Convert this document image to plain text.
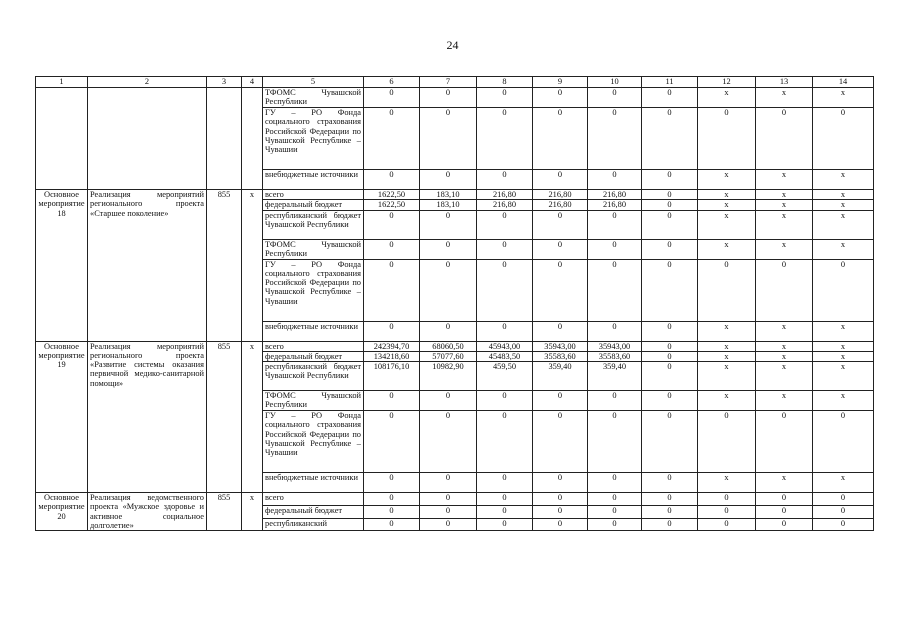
24
1	2	3	4	5	6	7	8	9	10	11	12	13	14
				ТФОМС Чувашской Республики	0	0	0	0	0	0	x	x	x
				ГУ – РО Фонда социального страхования Российской Федерации по Чувашской Республике – Чувашии	0	0	0	0	0	0	0	0	0
				внебюджетные источники	0	0	0	0	0	0	x	x	x
Основное мероприятие 18	Реализация мероприятий регионального проекта «Старшее поколение»	855	x	всего	1622,50	183,10	216,80	216,80	216,80	0	x	x	x
				федеральный бюджет	1622,50	183,10	216,80	216,80	216,80	0	x	x	x
				республиканский бюджет Чувашской Республики	0	0	0	0	0	0	x	x	x
				ТФОМС Чувашской Республики	0	0	0	0	0	0	x	x	x
				ГУ – РО Фонда социального страхования Российской Федерации по Чувашской Республике – Чувашии	0	0	0	0	0	0	0	0	0
				внебюджетные источники	0	0	0	0	0	0	x	x	x
Основное мероприятие 19	Реализация мероприятий регионального проекта «Развитие системы оказания первичной медико-санитарной помощи»	855	x	всего	242394,70	68060,50	45943,00	35943,00	35943,00	0	x	x	x
				федеральный бюджет	134218,60	57077,60	45483,50	35583,60	35583,60	0	x	x	x
				республиканский бюджет Чувашской Республики	108176,10	10982,90	459,50	359,40	359,40	0	x	x	x
				ТФОМС Чувашской Республики	0	0	0	0	0	0	x	x	x
				ГУ – РО Фонда социального страхования Российской Федерации по Чувашской Республике – Чувашии	0	0	0	0	0	0	0	0	0
				внебюджетные источники	0	0	0	0	0	0	x	x	x
Основное мероприятие 20	Реализация ведомственного проекта «Мужское здоровье и активное социальное долголетие»	855	x	всего	0	0	0	0	0	0	0	0	0
				федеральный бюджет	0	0	0	0	0	0	0	0	0
				республиканский	0	0	0	0	0	0	0	0	0
